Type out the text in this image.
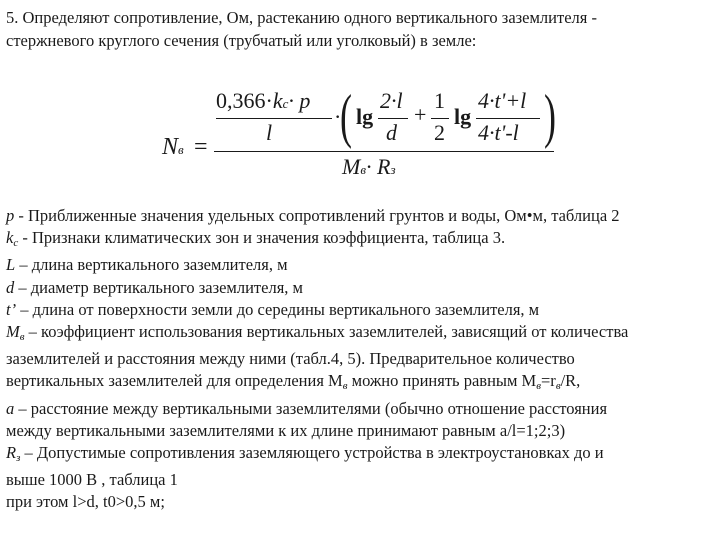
5. Определяют сопротивление, Ом, растеканию одного вертикального заземлителя -
стержневого круглого сечения (трубчатый или уголковый) в земле:
Nв =
0,366·kс· p
l
·
(	)
lg
2·l
d
+
1
2
lg
4·t'+l
4·t'-l
Mв· Rз

p - Приближенные значения удельных сопротивлений грунтов и воды, Ом•м, таблица 2

$k_c$ - Признаки климатических зон и значения коэффициента, таблица 3.

L – длина вертикального заземлителя, м

d – диаметр вертикального заземлителя, м

t’ – длина от поверхности земли до середины вертикального заземлителя, м

$M_в$ – коэффициент использования вертикальных заземлителей, зависящий от количества

заземлителей и расстояния между ними (табл.4, 5). Предварительное количество

вертикальных заземлителей для определения $M_в$ можно принять равным $M_в=r_в/R$,

a – расстояние между вертикальными заземлителями (обычно отношение расстояния

между вертикальными заземлителями к их длине принимают равным a/l=1;2;3)

$R_з$ – Допустимые сопротивления заземляющего устройства в электроустановках до и

выше 1000 В , таблица 1

при этом l>d, t0>0,5 м;
